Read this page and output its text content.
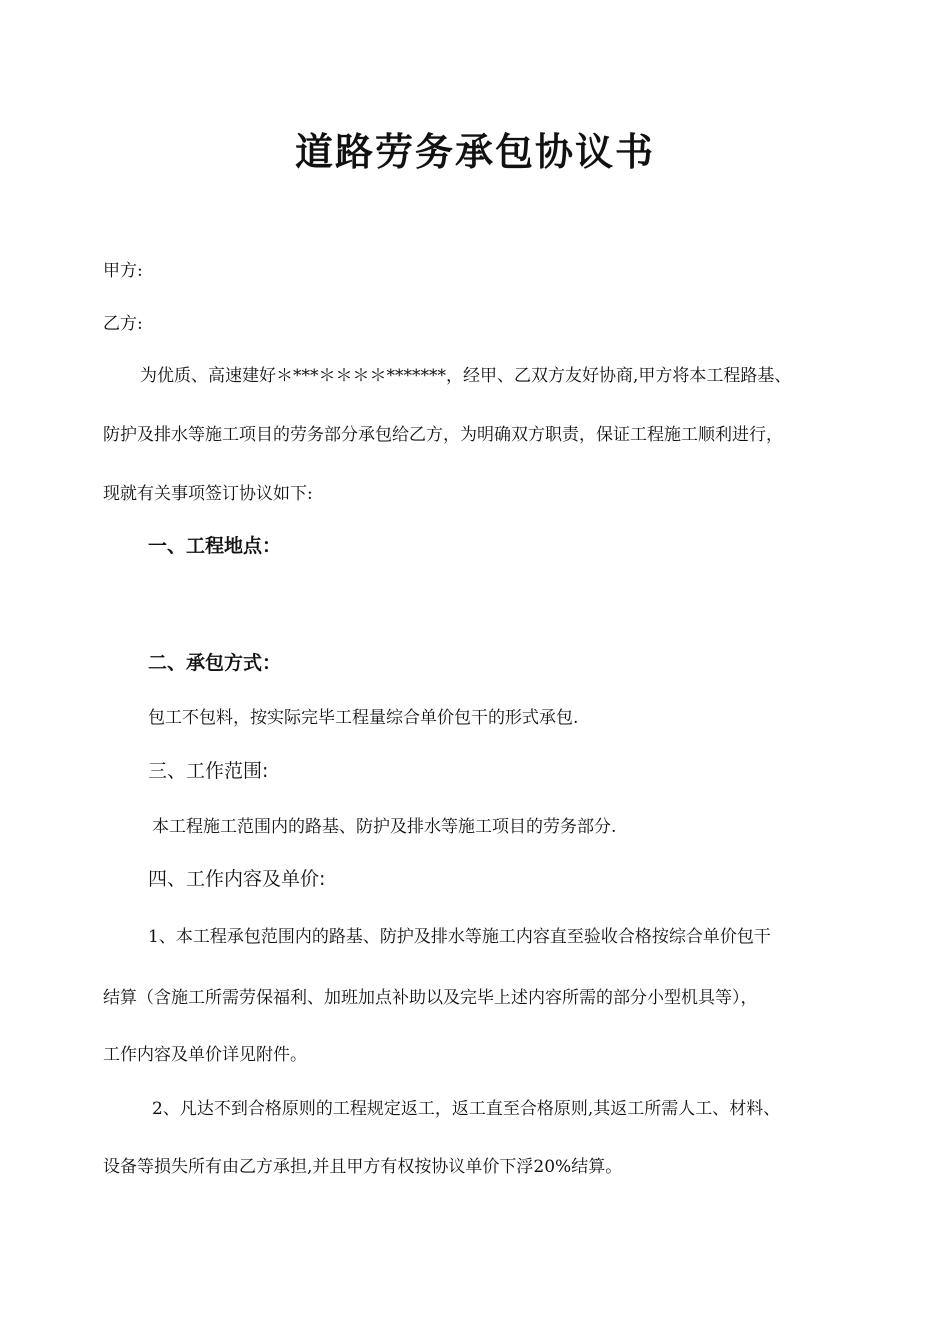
道路劳务承包协议书
甲方:
乙方:
为优质、高速建好＊***＊＊＊＊*******，经甲、乙双方友好协商,甲方将本工程路基、
防护及排水等施工项目的劳务部分承包给乙方，为明确双方职责，保证工程施工顺利进行，
现就有关事项签订协议如下:
一、工程地点：
二、承包方式：
包工不包料，按实际完毕工程量综合单价包干的形式承包.
三、工作范围:
本工程施工范围内的路基、防护及排水等施工项目的劳务部分.
四、工作内容及单价:
1、本工程承包范围内的路基、防护及排水等施工内容直至验收合格按综合单价包干
结算（含施工所需劳保福利、加班加点补助以及完毕上述内容所需的部分小型机具等），
工作内容及单价详见附件。
2、凡达不到合格原则的工程规定返工，返工直至合格原则,其返工所需人工、材料、
设备等损失所有由乙方承担,并且甲方有权按协议单价下浮20%结算。
